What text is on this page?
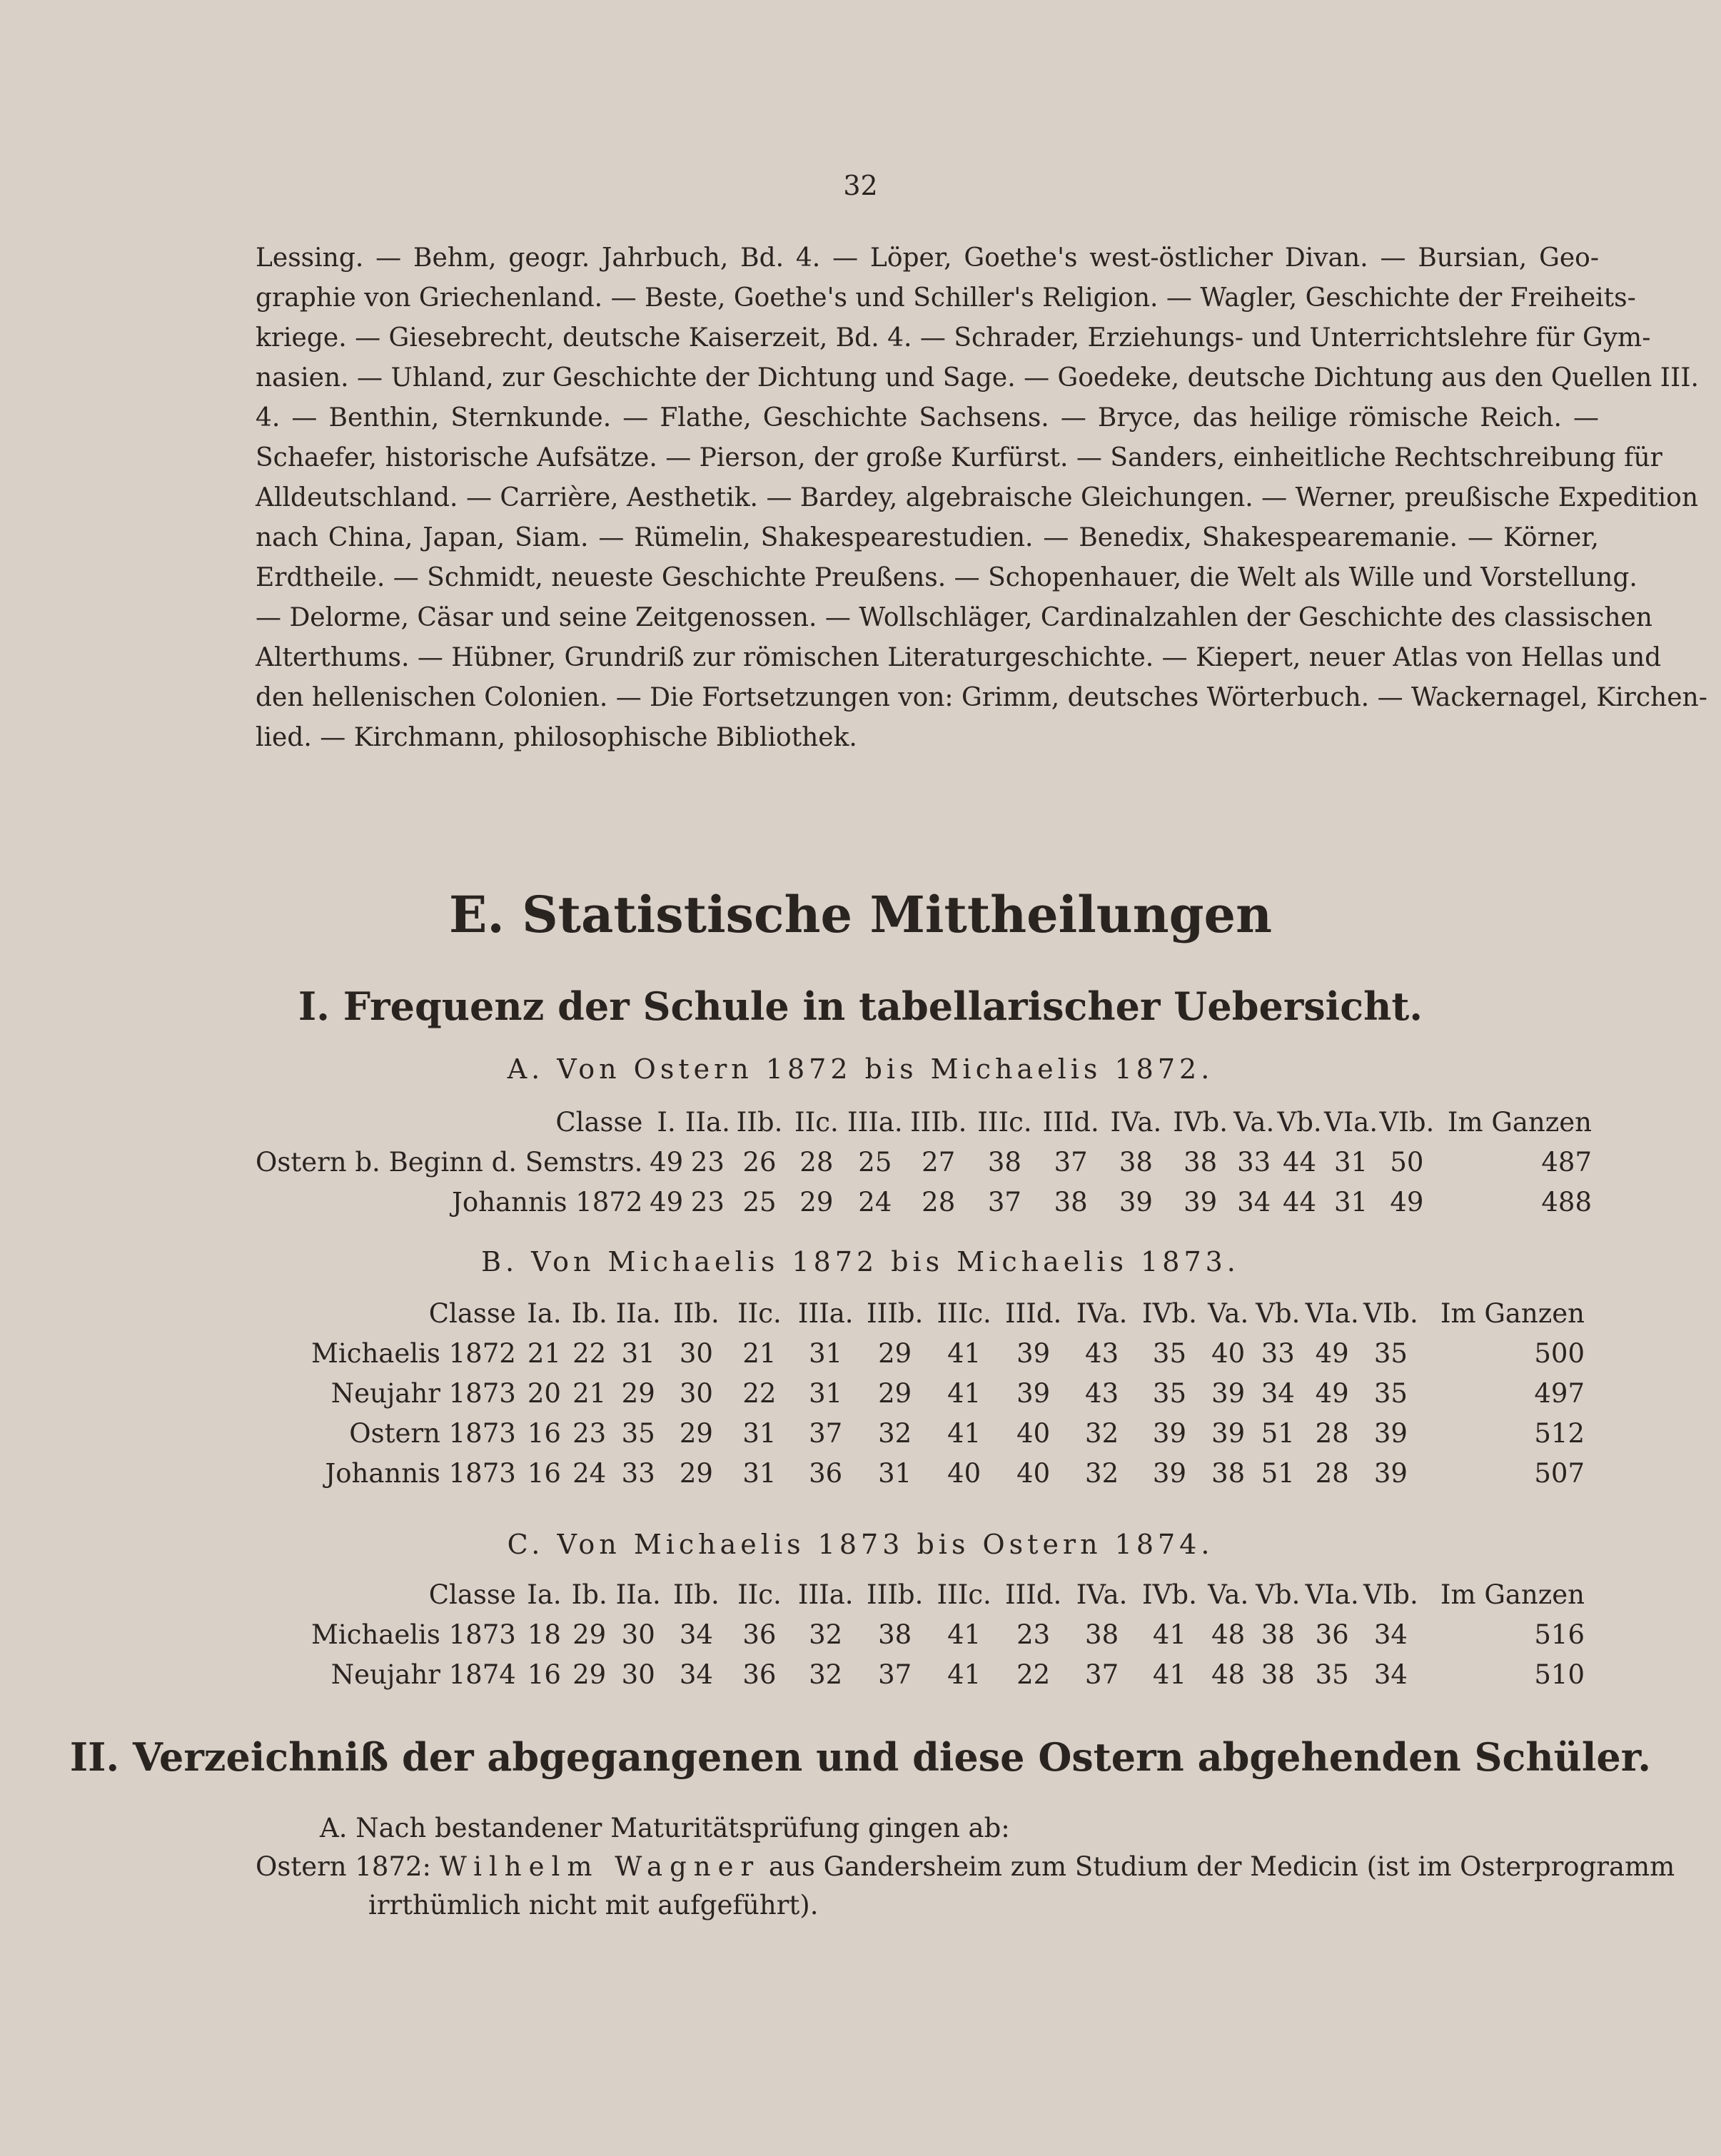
32
Lessing. — Behm, geogr. Jahrbuch, Bd. 4. — Löper, Goethe's west-östlicher Divan. — Bursian, Geo-
graphie von Griechenland. — Beste, Goethe's und Schiller's Religion. — Wagler, Geschichte der Freiheits-
kriege. — Giesebrecht, deutsche Kaiserzeit, Bd. 4. — Schrader, Erziehungs- und Unterrichtslehre für Gym-
nasien. — Uhland, zur Geschichte der Dichtung und Sage. — Goedeke, deutsche Dichtung aus den Quellen III.
4. — Benthin, Sternkunde. — Flathe, Geschichte Sachsens. — Bryce, das heilige römische Reich. —
Schaefer, historische Aufsätze. — Pierson, der große Kurfürst. — Sanders, einheitliche Rechtschreibung für
Alldeutschland. — Carrière, Aesthetik. — Bardey, algebraische Gleichungen. — Werner, preußische Expedition
nach China, Japan, Siam. — Rümelin, Shakespearestudien. — Benedix, Shakespearemanie. — Körner,
Erdtheile. — Schmidt, neueste Geschichte Preußens. — Schopenhauer, die Welt als Wille und Vorstellung.
— Delorme, Cäsar und seine Zeitgenossen. — Wollschläger, Cardinalzahlen der Geschichte des classischen
Alterthums. — Hübner, Grundriß zur römischen Literaturgeschichte. — Kiepert, neuer Atlas von Hellas und
den hellenischen Colonien. — Die Fortsetzungen von: Grimm, deutsches Wörterbuch. — Wackernagel, Kirchen-
lied. — Kirchmann, philosophische Bibliothek.
E. Statistische Mittheilungen
I. Frequenz der Schule in tabellarischer Uebersicht.
A. Von Ostern 1872 bis Michaelis 1872.
Classe	I.	IIa.	IIb.	IIc.	IIIa.	IIIb.	IIIc.	IIId.	IVa.	IVb.	Va.	Vb.	VIa.	VIb.	Im Ganzen
Ostern b. Beginn d. Semstrs.	49	23	26	28	25	27	38	37	38	38	33	44	31	50	487
Johannis 1872	49	23	25	29	24	28	37	38	39	39	34	44	31	49	488
B. Von Michaelis 1872 bis Michaelis 1873.
Classe	Ia.	Ib.	IIa.	IIb.	IIc.	IIIa.	IIIb.	IIIc.	IIId.	IVa.	IVb.	Va.	Vb.	VIa.	VIb.	Im Ganzen
Michaelis 1872	21	22	31	30	21	31	29	41	39	43	35	40	33	49	35	500
Neujahr 1873	20	21	29	30	22	31	29	41	39	43	35	39	34	49	35	497
Ostern 1873	16	23	35	29	31	37	32	41	40	32	39	39	51	28	39	512
Johannis 1873	16	24	33	29	31	36	31	40	40	32	39	38	51	28	39	507
C. Von Michaelis 1873 bis Ostern 1874.
Classe	Ia.	Ib.	IIa.	IIb.	IIc.	IIIa.	IIIb.	IIIc.	IIId.	IVa.	IVb.	Va.	Vb.	VIa.	VIb.	Im Ganzen
Michaelis 1873	18	29	30	34	36	32	38	41	23	38	41	48	38	36	34	516
Neujahr 1874	16	29	30	34	36	32	37	41	22	37	41	48	38	35	34	510
II. Verzeichniß der abgegangenen und diese Ostern abgehenden Schüler.
A. Nach bestandener Maturitätsprüfung gingen ab:
Ostern 1872: Wilhelm Wagner aus Gandersheim zum Studium der Medicin (ist im Osterprogramm
irrthümlich nicht mit aufgeführt).
